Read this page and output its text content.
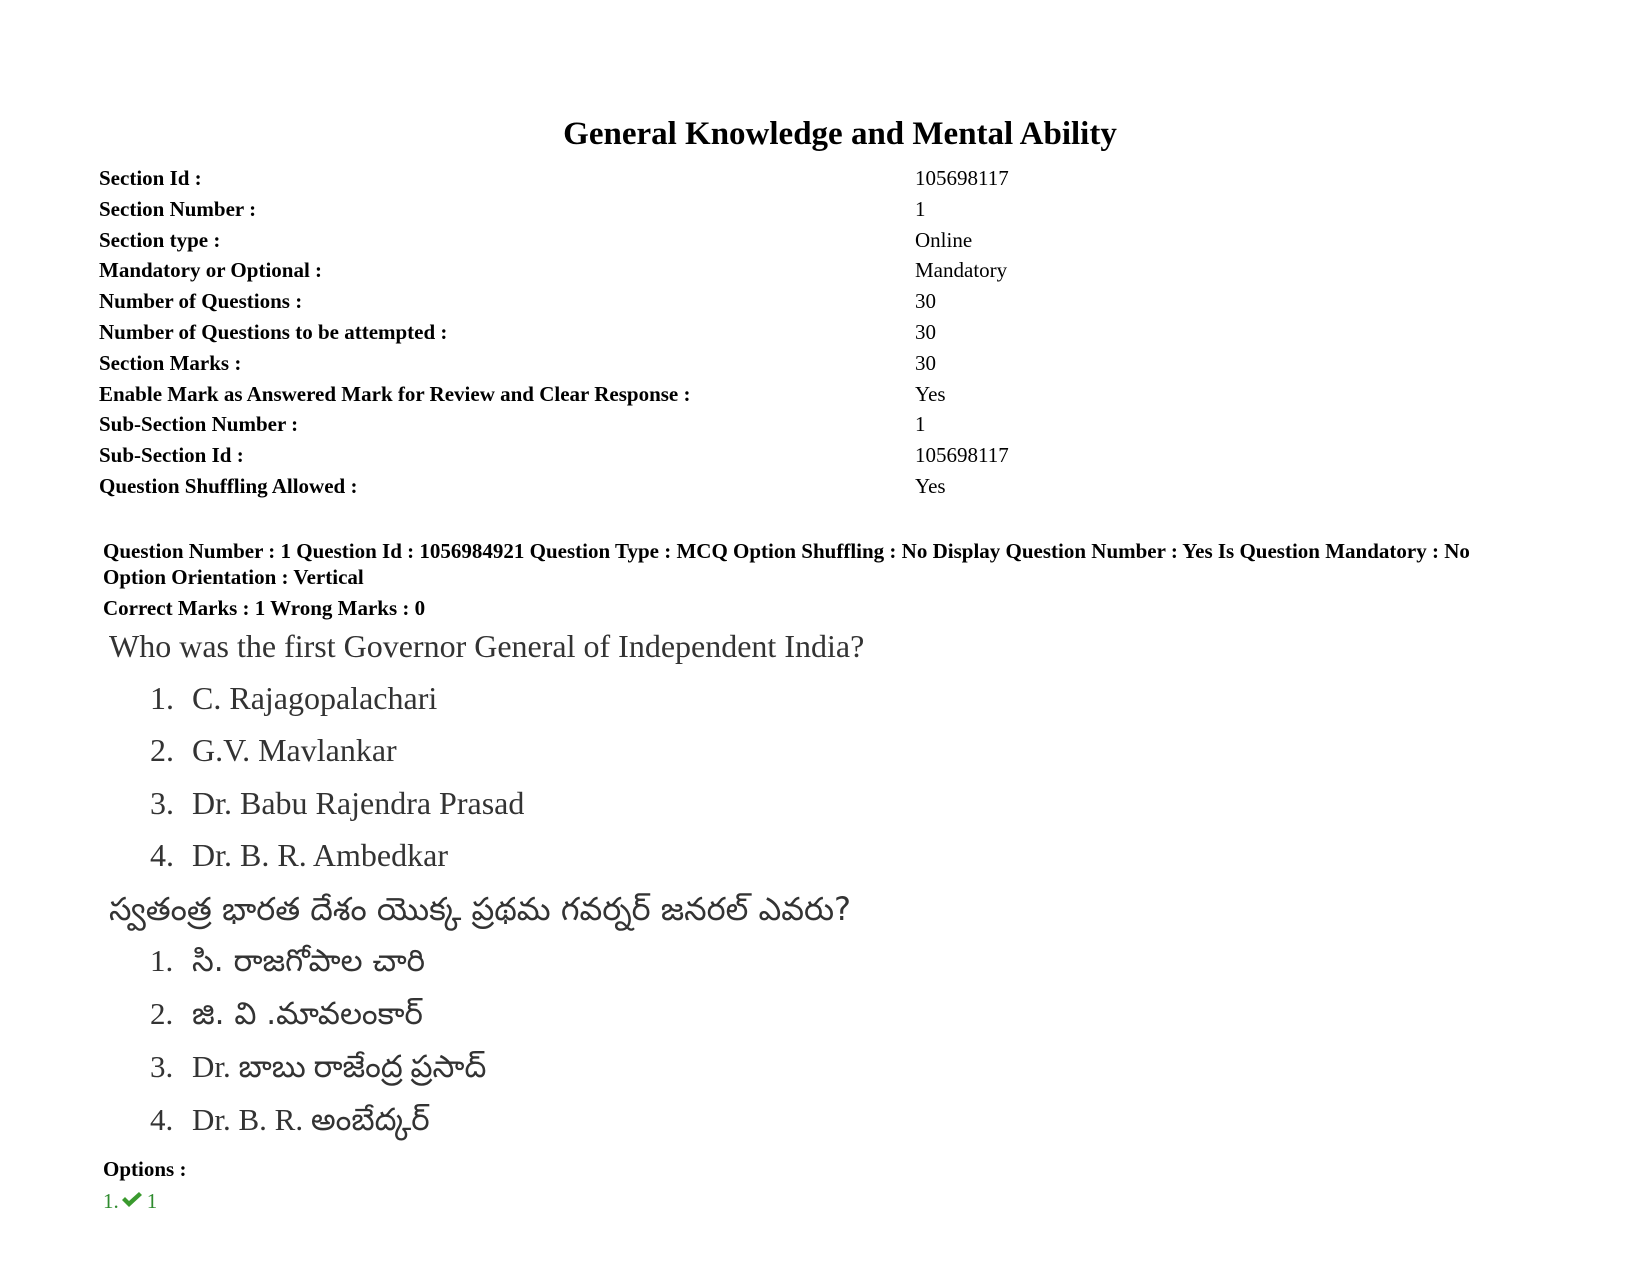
General Knowledge and Mental Ability
Section Id :	105698117
Section Number :	1
Section type :	Online
Mandatory or Optional :	Mandatory
Number of Questions :	30
Number of Questions to be attempted :	30
Section Marks :	30
Enable Mark as Answered Mark for Review and Clear Response :	Yes
Sub-Section Number :	1
Sub-Section Id :	105698117
Question Shuffling Allowed :	Yes
Question Number : 1 Question Id : 1056984921 Question Type : MCQ Option Shuffling : No Display Question Number : Yes Is Question Mandatory : No
Option Orientation : Vertical
Correct Marks : 1 Wrong Marks : 0
Who was the first Governor General of Independent India?
1. C. Rajagopalachari
2. G.V. Mavlankar
3. Dr. Babu Rajendra Prasad
4. Dr. B. R. Ambedkar
స్వతంత్ర భారత దేశం యొక్క ప్రథమ గవర్నర్ జనరల్ ఎవరు?
1. సి. రాజగోపాల చారి
2. జి. వి .మావలంకార్
3. Dr. బాబు రాజేంద్ర ప్రసాద్
4. Dr. B. R. అంబేద్కర్
Options :
1. 1
